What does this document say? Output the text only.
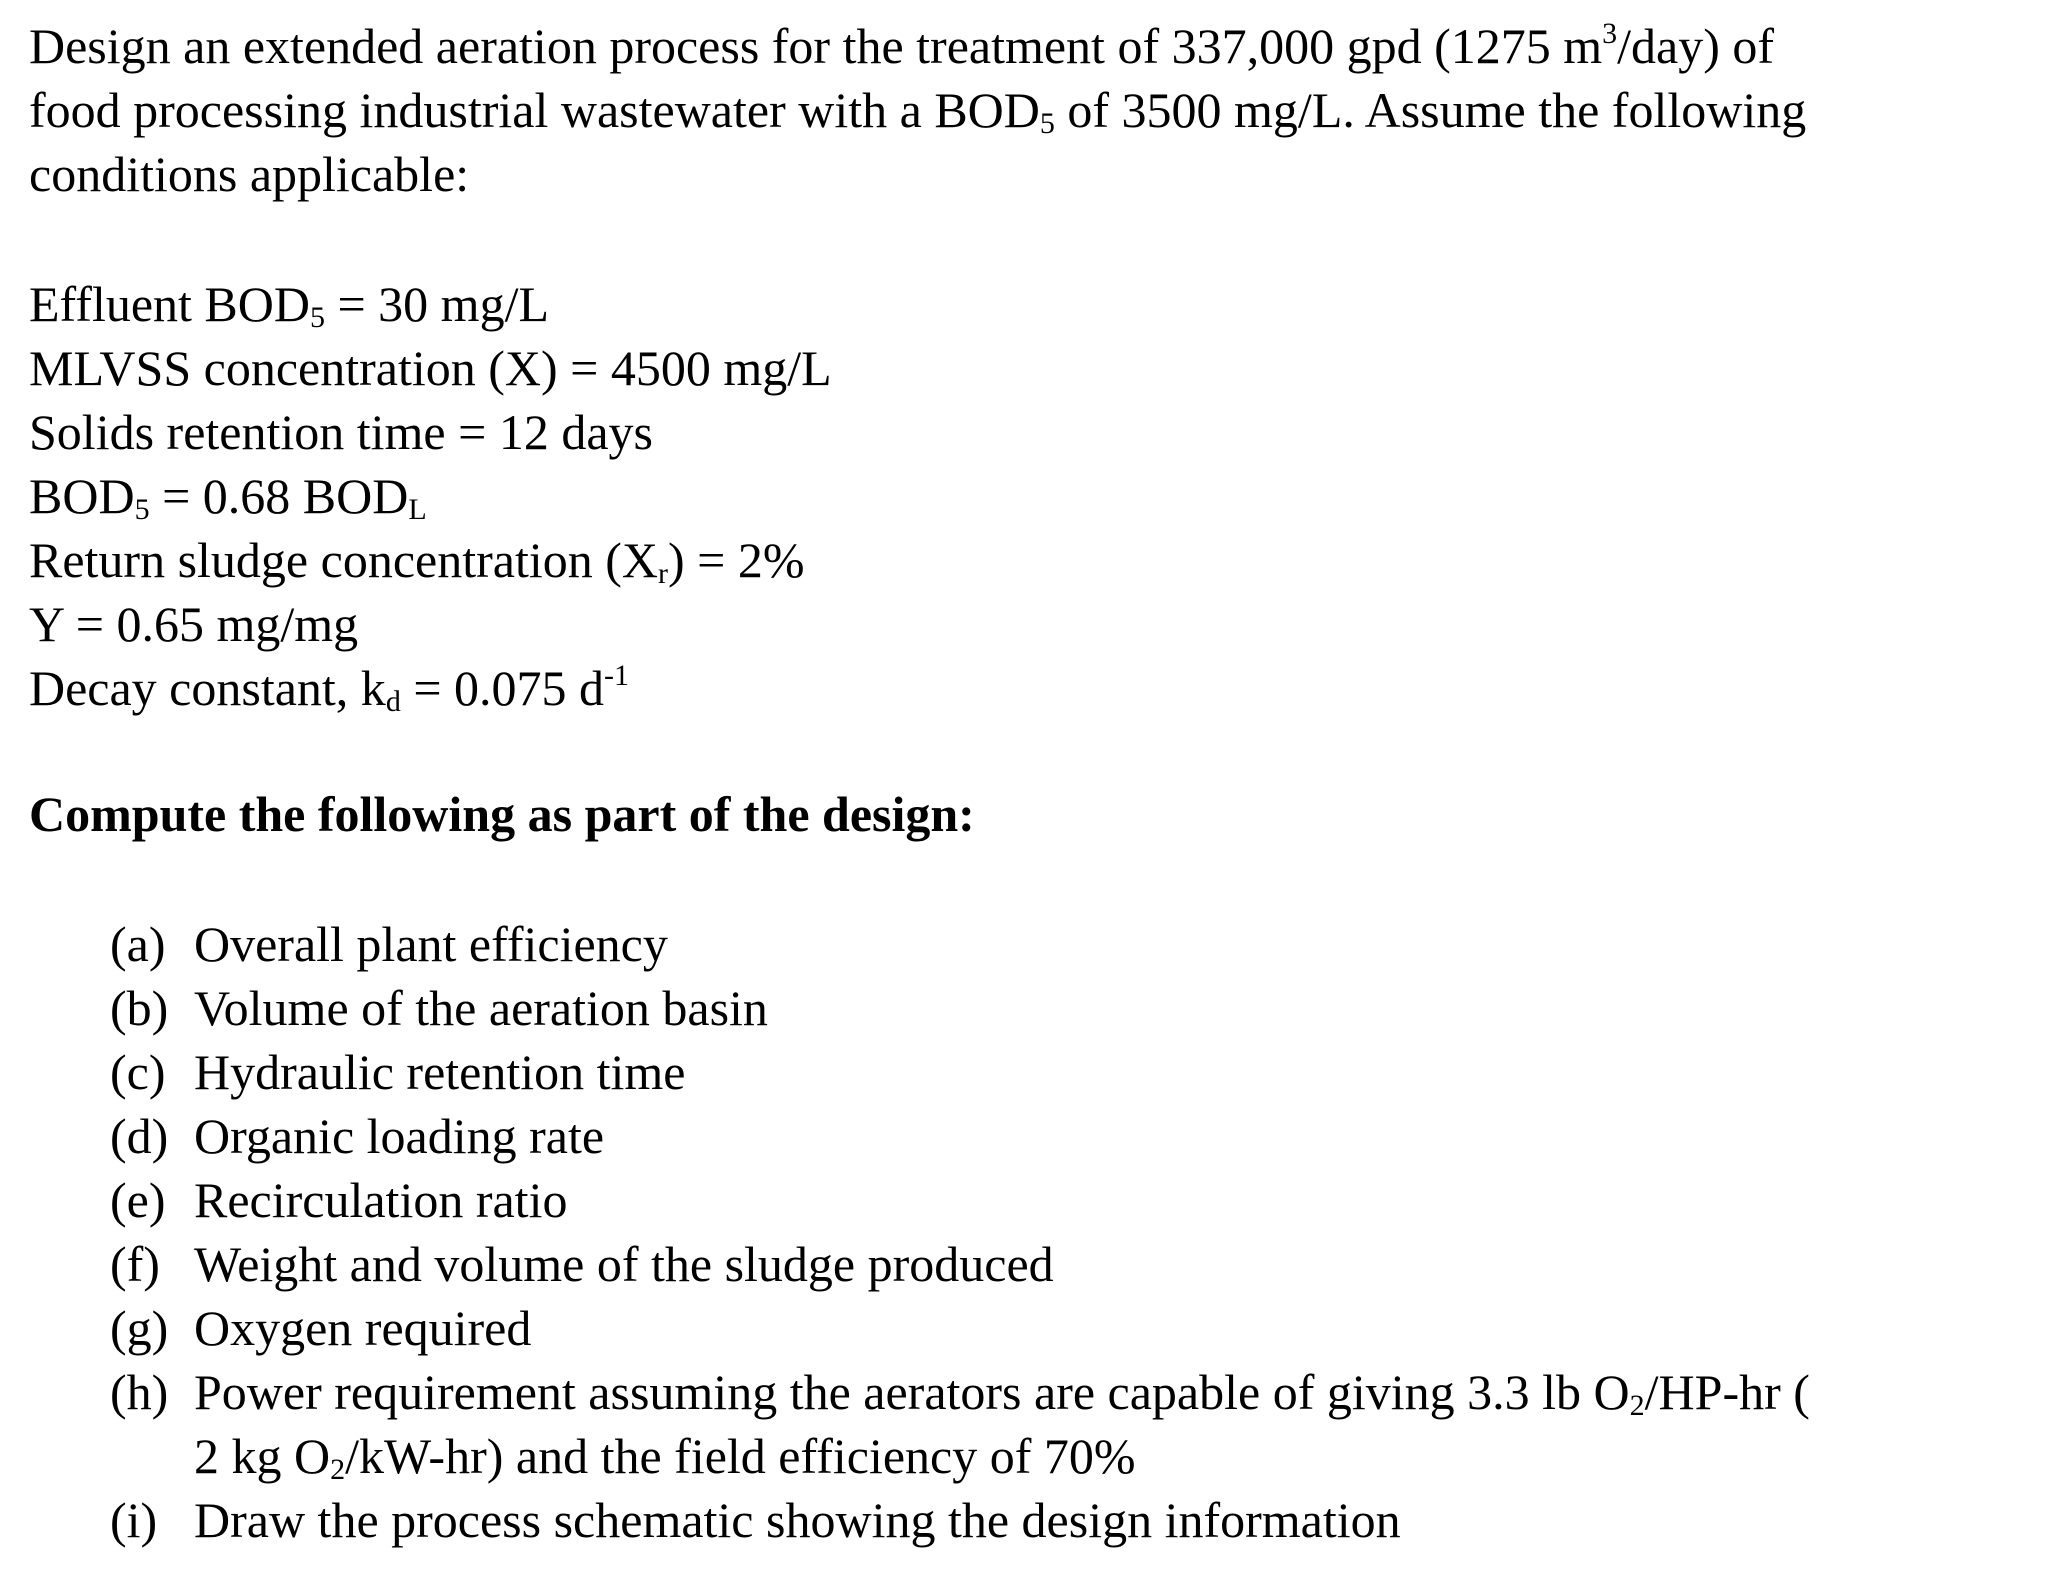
Design an extended aeration process for the treatment of 337,000 gpd (1275 $m^3/day$) of
food processing industrial wastewater with a $BOD_5$ of 3500 mg/L. Assume the following
conditions applicable:
Effluent $BOD_5 = 30$ mg/L
MLVSS concentration (X) = 4500 mg/L
Solids retention time = 12 days
$BOD_5 = 0.68$ $BOD_L$
Return sludge concentration $(X_r) = 2\%$
Y = 0.65 mg/mg
Decay constant, $k_d = 0.075$ $d^{-1}$
Compute the following as part of the design:
(a) Overall plant efficiency
(b) Volume of the aeration basin
(c) Hydraulic retention time
(d) Organic loading rate
(e) Recirculation ratio
(f) Weight and volume of the sludge produced
(g) Oxygen required
(h) Power requirement assuming the aerators are capable of giving 3.3 lb $O_2/HP-hr$ (
2 kg $O_2/kW-hr$) and the field efficiency of 70%
(i) Draw the process schematic showing the design information
